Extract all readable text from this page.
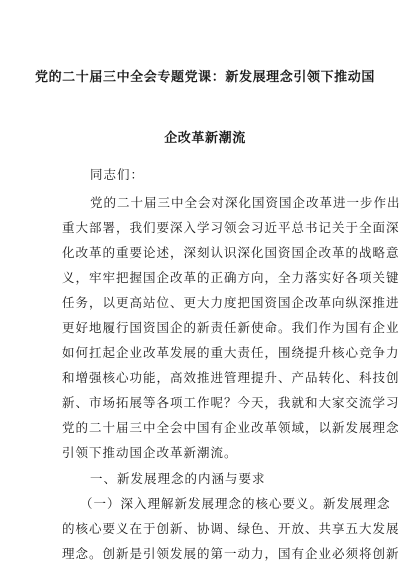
党的二十届三中全会专题党课：新发展理念引领下推动国
企改革新潮流

同志们：

党的二十届三中全会对深化国资国企改革进一步作出

重大部署，我们要深入学习领会习近平总书记关于全面深

化改革的重要论述，深刻认识深化国资国企改革的战略意

义，牢牢把握国企改革的正确方向，全力落实好各项关键

任务，以更高站位、更大力度把国资国企改革向纵深推进

更好地履行国资国企的新责任新使命。我们作为国有企业

如何扛起企业改革发展的重大责任，围绕提升核心竞争力

和增强核心功能，高效推进管理提升、产品转化、科技创

新、市场拓展等各项工作呢？今天，我就和大家交流学习

党的二十届三中全会中国有企业改革领域，以新发展理念

引领下推动国企改革新潮流。

一、新发展理念的内涵与要求

（一）深入理解新发展理念的核心要义。新发展理念

的核心要义在于创新、协调、绿色、开放、共享五大发展

理念。创新是引领发展的第一动力，国有企业必须将创新
